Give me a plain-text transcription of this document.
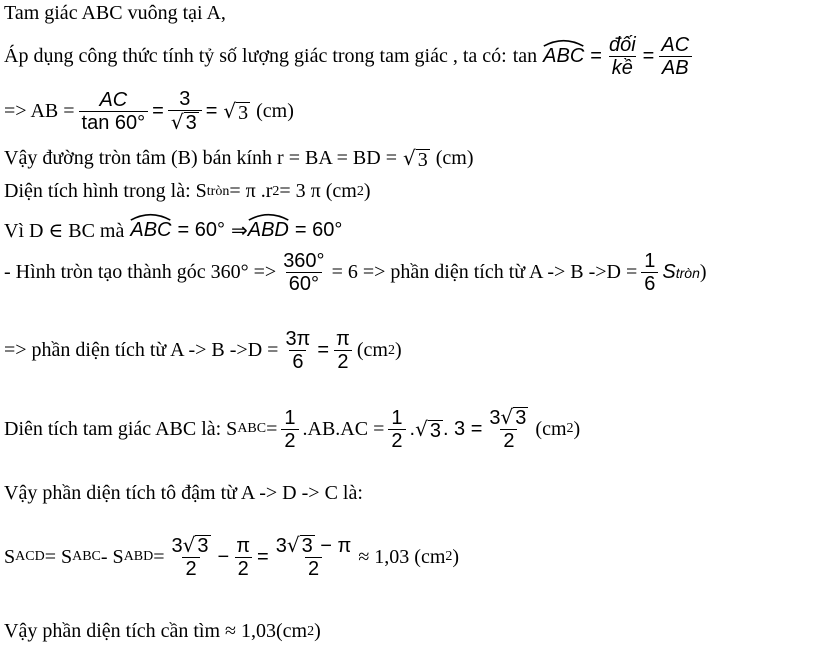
Tam giác ABC vuông tại A,
Áp dụng công thức tính tỷ số lượng giác trong tam giác , ta có: tan ABC = $\frac{\text{đối}}{\text{kề}} = \frac{AC}{AB}$
=> AB = $\frac{AC}{\tan 60^\circ} = \frac{3}{√ 3}$ = √ 3 (cm)
Vậy đường tròn tâm (B) bán kính r = BA = BD = √ 3 (cm)
Diện tích hình trong là: S tròn = π .r 2 = 3 π (cm 2 )
Vì D ∈ BC mà ABC = 60° ⇒ ABD = 60°
- Hình tròn tạo thành góc $360^\circ => \frac{360^\circ}{60^\circ} = 6$ => phần diện tích từ A -> B $->D = \frac{1}{6}$ S tròn )
=> phần diện tích từ A -> B $->D = \frac{3\pi}{6} = \frac{\pi}{2} (cm$ 2 )
Diên tích tam giác ABC là: S ABC = $\frac{1}{2} .AB.AC = \frac{1}{2}$ . √ 3 . $3 = \frac{3 √ 3}{2} (cm$ 2 )
Vậy phần diện tích tô đậm từ A -> D -> C là:
S ACD = S ABC - S ABD = $\frac{3 √ 3}{2} - \frac{\pi}{2} = \frac{3 √ 3 - \pi}{2} \approx 1,03$ (cm 2 )
Vậy phần diện tích cần tìm ≈ 1,03(cm 2 )
